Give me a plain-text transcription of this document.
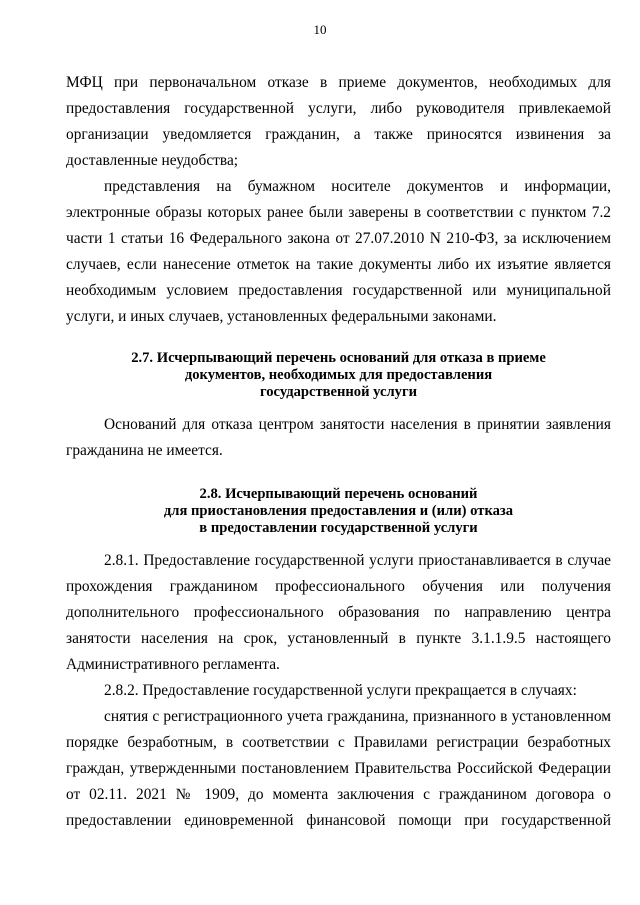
10

МФЦ при первоначальном отказе в приеме документов, необходимых для предоставления государственной услуги, либо руководителя привлекаемой организации уведомляется гражданин, а также приносятся извинения за доставленные неудобства;

представления на бумажном носителе документов и информации, электронные образы которых ранее были заверены в соответствии с пунктом 7.2 части 1 статьи 16 Федерального закона от 27.07.2010 N 210-ФЗ, за исключением случаев, если нанесение отметок на такие документы либо их изъятие является необходимым условием предоставления государственной или муниципальной услуги, и иных случаев, установленных федеральными законами.

2.7. Исчерпывающий перечень оснований для отказа в приеме
документов, необходимых для предоставления
государственной услуги

Оснований для отказа центром занятости населения в принятии заявления гражданина не имеется.

2.8. Исчерпывающий перечень оснований
для приостановления предоставления и (или) отказа
в предоставлении государственной услуги

2.8.1. Предоставление государственной услуги приостанавливается в случае прохождения гражданином профессионального обучения или получения дополнительного профессионального образования по направлению центра занятости населения на срок, установленный в пункте 3.1.1.9.5 настоящего Административного регламента.

2.8.2. Предоставление государственной услуги прекращается в случаях:

снятия с регистрационного учета гражданина, признанного в установленном порядке безработным, в соответствии с Правилами регистрации безработных граждан, утвержденными постановлением Правительства Российской Федерации от 02.11. 2021 № 1909, до момента заключения с гражданином договора о предоставлении единовременной финансовой помощи при государственной
